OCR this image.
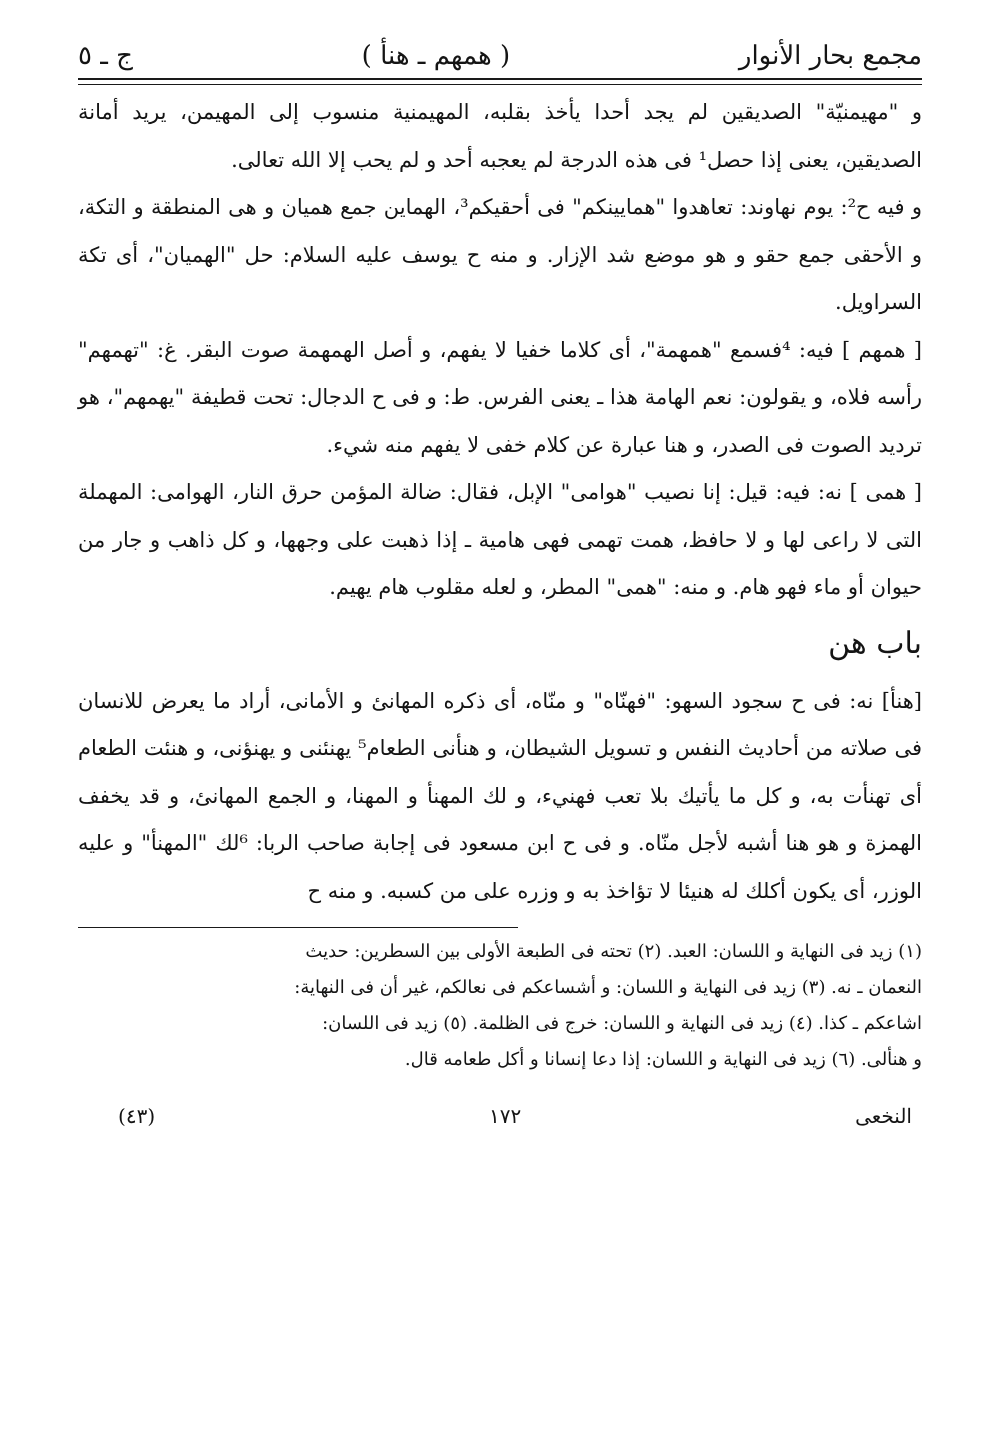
مجمع بحار الأنوار
( همهم ـ هنأ )
ج ـ ٥

و "مهيمنيّة" الصديقين لم يجد أحدا يأخذ بقلبه، المهيمنية منسوب إلى المهيمن، يريد أمانة الصديقين، يعنى إذا حصل¹ فى هذه الدرجة لم يعجبه أحد و لم يحب إلا الله تعالى.

و فيه ح²: يوم نهاوند: تعاهدوا "همايينكم" فى أحقيكم³، الهماين جمع هميان و هى المنطقة و التكة، و الأحقى جمع حقو و هو موضع شد الإزار. و منه ح يوسف عليه السلام: حل "الهميان"، أى تكة السراويل.

[ همهم ] فيه: ⁴فسمع "همهمة"، أى كلاما خفيا لا يفهم، و أصل الهمهمة صوت البقر. غ: "تهمهم" رأسه فلاه، و يقولون: نعم الهامة هذا ـ يعنى الفرس. ط: و فى ح الدجال: تحت قطيفة "يهمهم"، هو ترديد الصوت فى الصدر، و هنا عبارة عن كلام خفى لا يفهم منه شيء.

[ همى ] نه: فيه: قيل: إنا نصيب "هوامى" الإبل، فقال: ضالة المؤمن حرق النار، الهوامى: المهملة التى لا راعى لها و لا حافظ، همت تهمى فهى هامية ـ إذا ذهبت على وجهها، و كل ذاهب و جار من حيوان أو ماء فهو هام. و منه: "همى" المطر، و لعله مقلوب هام يهيم.

باب هن

[هنأ] نه: فى ح سجود السهو: "فهنّاه" و منّاه، أى ذكره المهانئ و الأمانى، أراد ما يعرض للانسان فى صلاته من أحاديث النفس و تسويل الشيطان، و هنأنى الطعام⁵ يهنئنى و يهنؤنى، و هنئت الطعام أى تهنأت به، و كل ما يأتيك بلا تعب فهنيء، و لك المهنأ و المهنا، و الجمع المهانئ، و قد يخفف الهمزة و هو هنا أشبه لأجل منّاه. و فى ح ابن مسعود فى إجابة صاحب الربا: ⁶لك "المهنأ" و عليه الوزر، أى يكون أكلك له هنيئا لا تؤاخذ به و وزره على من كسبه. و منه ح

(١) زيد فى النهاية و اللسان: العبد. (٢) تحته فى الطبعة الأولى بين السطرين: حديث

النعمان ـ نه. (٣) زيد فى النهاية و اللسان: و أشساعكم فى نعالكم، غير أن فى النهاية:

اشاعكم ـ كذا. (٤) زيد فى النهاية و اللسان: خرج فى الظلمة. (٥) زيد فى اللسان:

و هنألى. (٦) زيد فى النهاية و اللسان: إذا دعا إنسانا و أكل طعامه قال.

النخعى
١٧٢
(٤٣)
